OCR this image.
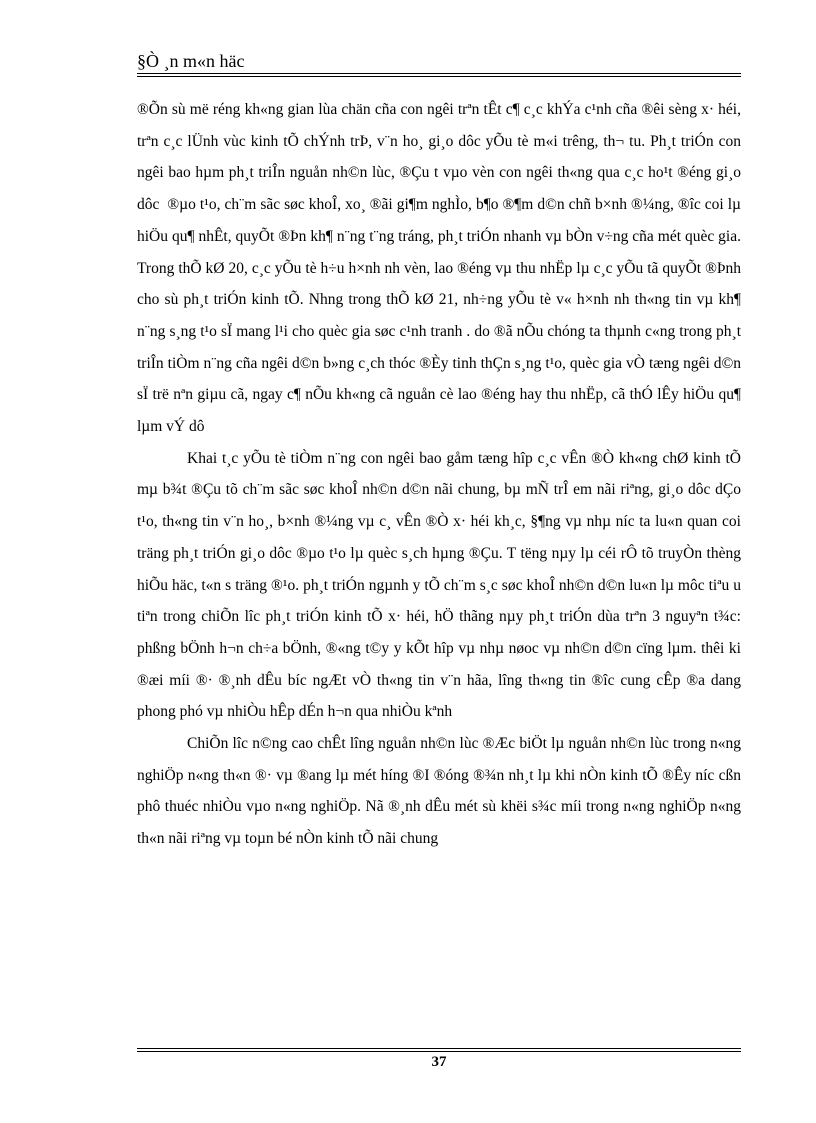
§Ò ¸n m«n häc

®Õn sù më réng kh«ng gian lùa chän cña con ngêi trªn tÊt c¶ c¸c khÝa c¹nh cña ®êi sèng x· héi, trªn c¸c lÜnh vùc kinh tÕ chÝnh trÞ, v¨n ho¸ gi¸o dôc yÕu tè m«i trêng, th¬ tu. Ph¸t triÓn con ngêi bao hµm ph¸t triÎn nguån nh©n lùc, ®Çu t vµo vèn con ngêi th«ng qua c¸c ho¹t ®éng gi¸o dôc ®µo t¹o, ch¨m sãc søc khoÎ, xo¸ ®ãi gi¶m nghÌo, b¶o ®¶m d©n chñ b×nh ®¼ng, ®îc coi lµ hiÖu qu¶ nhÊt, quyÕt ®Þn kh¶ n¨ng t¨ng tráng, ph¸t triÓn nhanh vµ bÒn v÷ng cña mét quèc gia. Trong thÕ kØ 20, c¸c yÕu tè h÷u h×nh nh vèn, lao ®éng vµ thu nhËp lµ c¸c yÕu tã quyÕt ®Þnh cho sù ph¸t triÓn kinh tÕ. Nhng trong thÕ kØ 21, nh÷ng yÕu tè v« h×nh nh th«ng tin vµ kh¶ n¨ng s¸ng t¹o sÏ mang l¹i cho quèc gia søc c¹nh tranh . do ®ã nÕu chóng ta thµnh c«ng trong ph¸t triÎn tiÒm n¨ng cña ngêi d©n b»ng c¸ch thóc ®Èy tinh thÇn s¸ng t¹o, quèc gia vÒ tæng ngêi d©n sÏ trë nªn giµu cã, ngay c¶ nÕu kh«ng cã nguån cè lao ®éng hay thu nhËp, cã thÓ lÊy hiÖu qu¶ lµm vÝ dô

Khai t¸c yÕu tè tiÒm n¨ng con ngêi bao gåm tæng hîp c¸c vÊn ®Ò kh«ng chØ kinh tÕ mµ b¾t ®Çu tõ ch¨m sãc søc khoÎ nh©n d©n nãi chung, bµ mÑ trÎ em nãi riªng, gi¸o dôc dÇo t¹o, th«ng tin v¨n ho¸, b×nh ®¼ng vµ c¸ vÊn ®Ò x· héi kh¸c, §¶ng vµ nhµ níc ta lu«n quan coi träng ph¸t triÓn gi¸o dôc ®µo t¹o lµ quèc s¸ch hµng ®Çu. T tëng nµy lµ céi rÔ tõ truyÒn thèng hiÕu häc, t«n s träng ®¹o. ph¸t triÓn ngµnh y tÕ ch¨m s¸c søc khoÎ nh©n d©n lu«n lµ môc tiªu u tiªn trong chiÕn lîc ph¸t triÓn kinh tÕ x· héi, hÖ thãng nµy ph¸t triÓn dùa trªn 3 nguyªn t¾c: phßng bÖnh h¬n ch÷a bÖnh, ®«ng t©y y kÕt hîp vµ nhµ nøoc vµ nh©n d©n cïng lµm. thêi ki ®æi míi ®· ®¸nh dÊu bíc ngÆt vÒ th«ng tin v¨n hãa, lîng th«ng tin ®îc cung cÊp ®a dang phong phó vµ nhiÒu hÊp dÉn h¬n qua nhiÒu kªnh

ChiÕn lîc n©ng cao chÊt lîng nguån nh©n lùc ®Æc biÖt lµ nguån nh©n lùc trong n«ng nghiÖp n«ng th«n ®· vµ ®ang lµ mét híng ®I ®óng ®¾n nh¸t lµ khi nÒn kinh tÕ ®Êy níc cßn phô thuéc nhiÒu vµo n«ng nghiÖp. Nã ®¸nh dÊu mét sù khëi s¾c míi trong n«ng nghiÖp n«ng th«n nãi riªng vµ toµn bé nÒn kinh tÕ nãi chung

37
